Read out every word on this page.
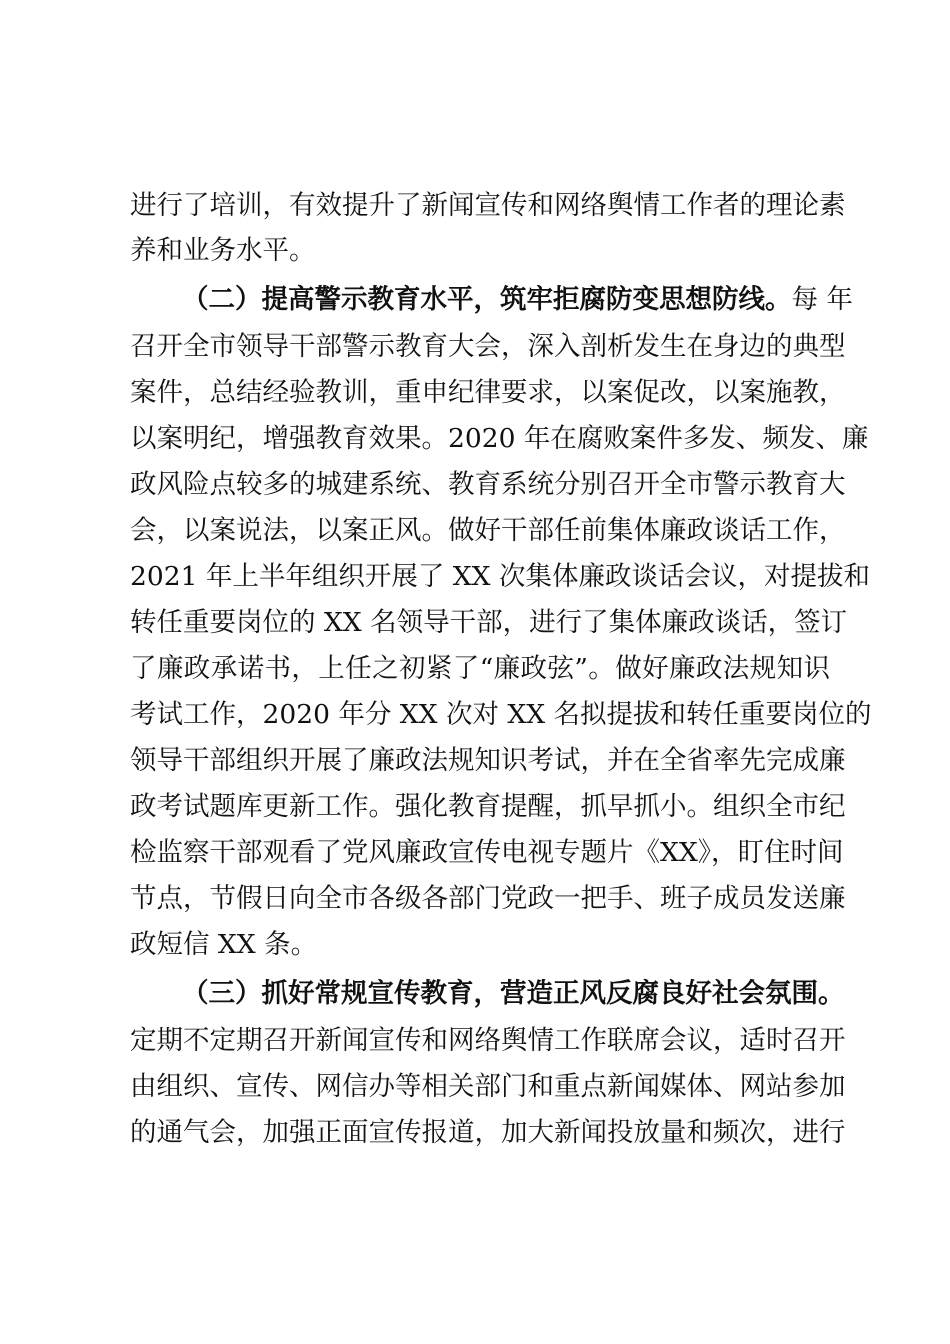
进行了培训，有效提升了新闻宣传和网络舆情工作者的理论素
养和业务水平。
（二）提高警示教育水平，筑牢拒腐防变思想防线。每 年
召开全市领导干部警示教育大会，深入剖析发生在身边的典型
案件，总结经验教训，重申纪律要求，以案促改，以案施教，
以案明纪，增强教育效果。2020 年在腐败案件多发、频发、廉
政风险点较多的城建系统、教育系统分别召开全市警示教育大
会，以案说法，以案正风。做好干部任前集体廉政谈话工作，
2021 年上半年组织开展了 XX 次集体廉政谈话会议，对提拔和
转任重要岗位的 XX 名领导干部，进行了集体廉政谈话，签订
了廉政承诺书，上任之初紧了“廉政弦”。做好廉政法规知识
考试工作，2020 年分 XX 次对 XX 名拟提拔和转任重要岗位的
领导干部组织开展了廉政法规知识考试，并在全省率先完成廉
政考试题库更新工作。强化教育提醒，抓早抓小。组织全市纪
检监察干部观看了党风廉政宣传电视专题片《XX》，盯住时间
节点，节假日向全市各级各部门党政一把手、班子成员发送廉
政短信 XX 条。
（三）抓好常规宣传教育，营造正风反腐良好社会氛围。
定期不定期召开新闻宣传和网络舆情工作联席会议，适时召开
由组织、宣传、网信办等相关部门和重点新闻媒体、网站参加
的通气会，加强正面宣传报道，加大新闻投放量和频次，进行
